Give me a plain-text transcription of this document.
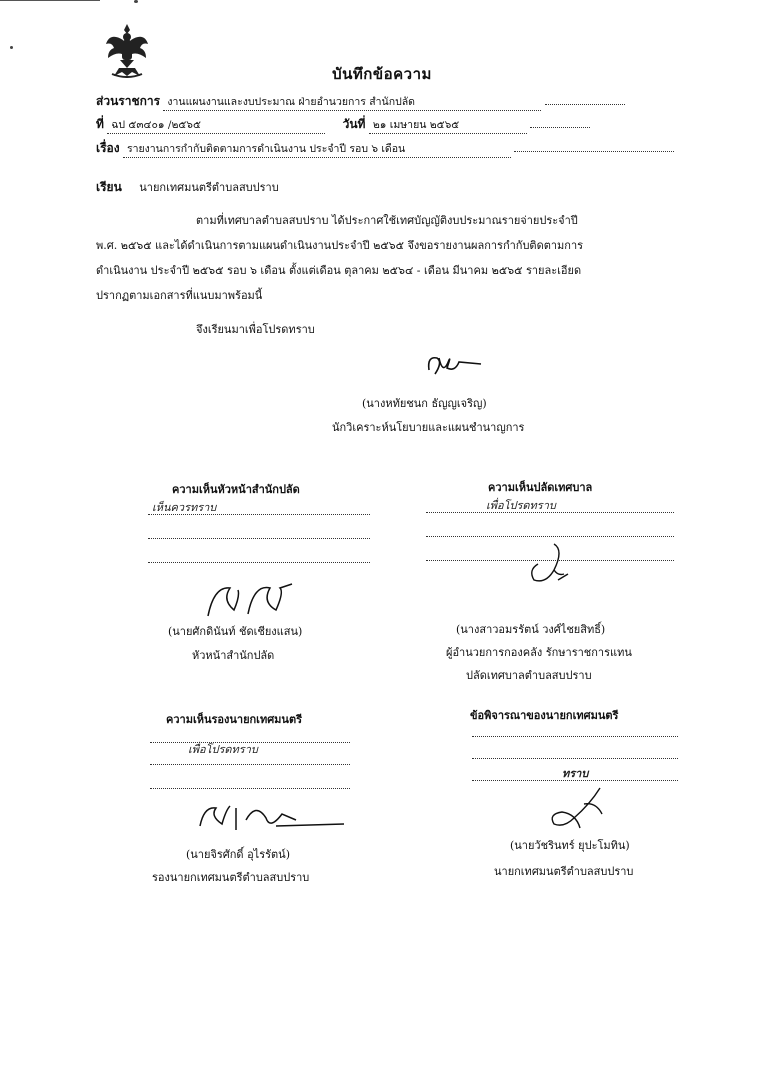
บันทึกข้อความ
ส่วนราชการ งานแผนงานและงบประมาณ ฝ่ายอำนวยการ สำนักปลัด
ที่ ฉป ๕๓๔๐๑ /๒๕๖๕	วันที่ ๒๑ เมษายน ๒๕๖๕
เรื่อง รายงานการกำกับติดตามการดำเนินงาน ประจำปี รอบ ๖ เดือน
เรียน นายกเทศมนตรีตำบลสบปราบ

ตามที่เทศบาลตำบลสบปราบ ได้ประกาศใช้เทศบัญญัติงบประมาณรายจ่ายประจำปี

พ.ศ. ๒๕๖๕ และได้ดำเนินการตามแผนดำเนินงานประจำปี ๒๕๖๕ จึงขอรายงานผลการกำกับติดตามการ

ดำเนินงาน ประจำปี ๒๕๖๕ รอบ ๖ เดือน ตั้งแต่เดือน ตุลาคม ๒๕๖๔ - เดือน มีนาคม ๒๕๖๕ รายละเอียด

ปรากฏตามเอกสารที่แนบมาพร้อมนี้

จึงเรียนมาเพื่อโปรดทราบ
(นางหทัยชนก ธัญญเจริญ)
นักวิเคราะห์นโยบายและแผนชำนาญการ
ความเห็นหัวหน้าสำนักปลัด
เห็นควรทราบ
(นายศักดินันท์ ชัดเชียงแสน)
หัวหน้าสำนักปลัด
ความเห็นปลัดเทศบาล
เพื่อโปรดทราบ
(นางสาวอมรรัตน์ วงศ์ไชยสิทธิ์)
ผู้อำนวยการกองคลัง รักษาราชการแทน
ปลัดเทศบาลตำบลสบปราบ
ความเห็นรองนายกเทศมนตรี
เพื่อโปรดทราบ
(นายจิรศักดิ์ อุไรรัตน์)
รองนายกเทศมนตรีตำบลสบปราบ
ข้อพิจารณาของนายกเทศมนตรี
ทราบ
(นายวัชรินทร์ ยุปะโมทิน)
นายกเทศมนตรีตำบลสบปราบ
